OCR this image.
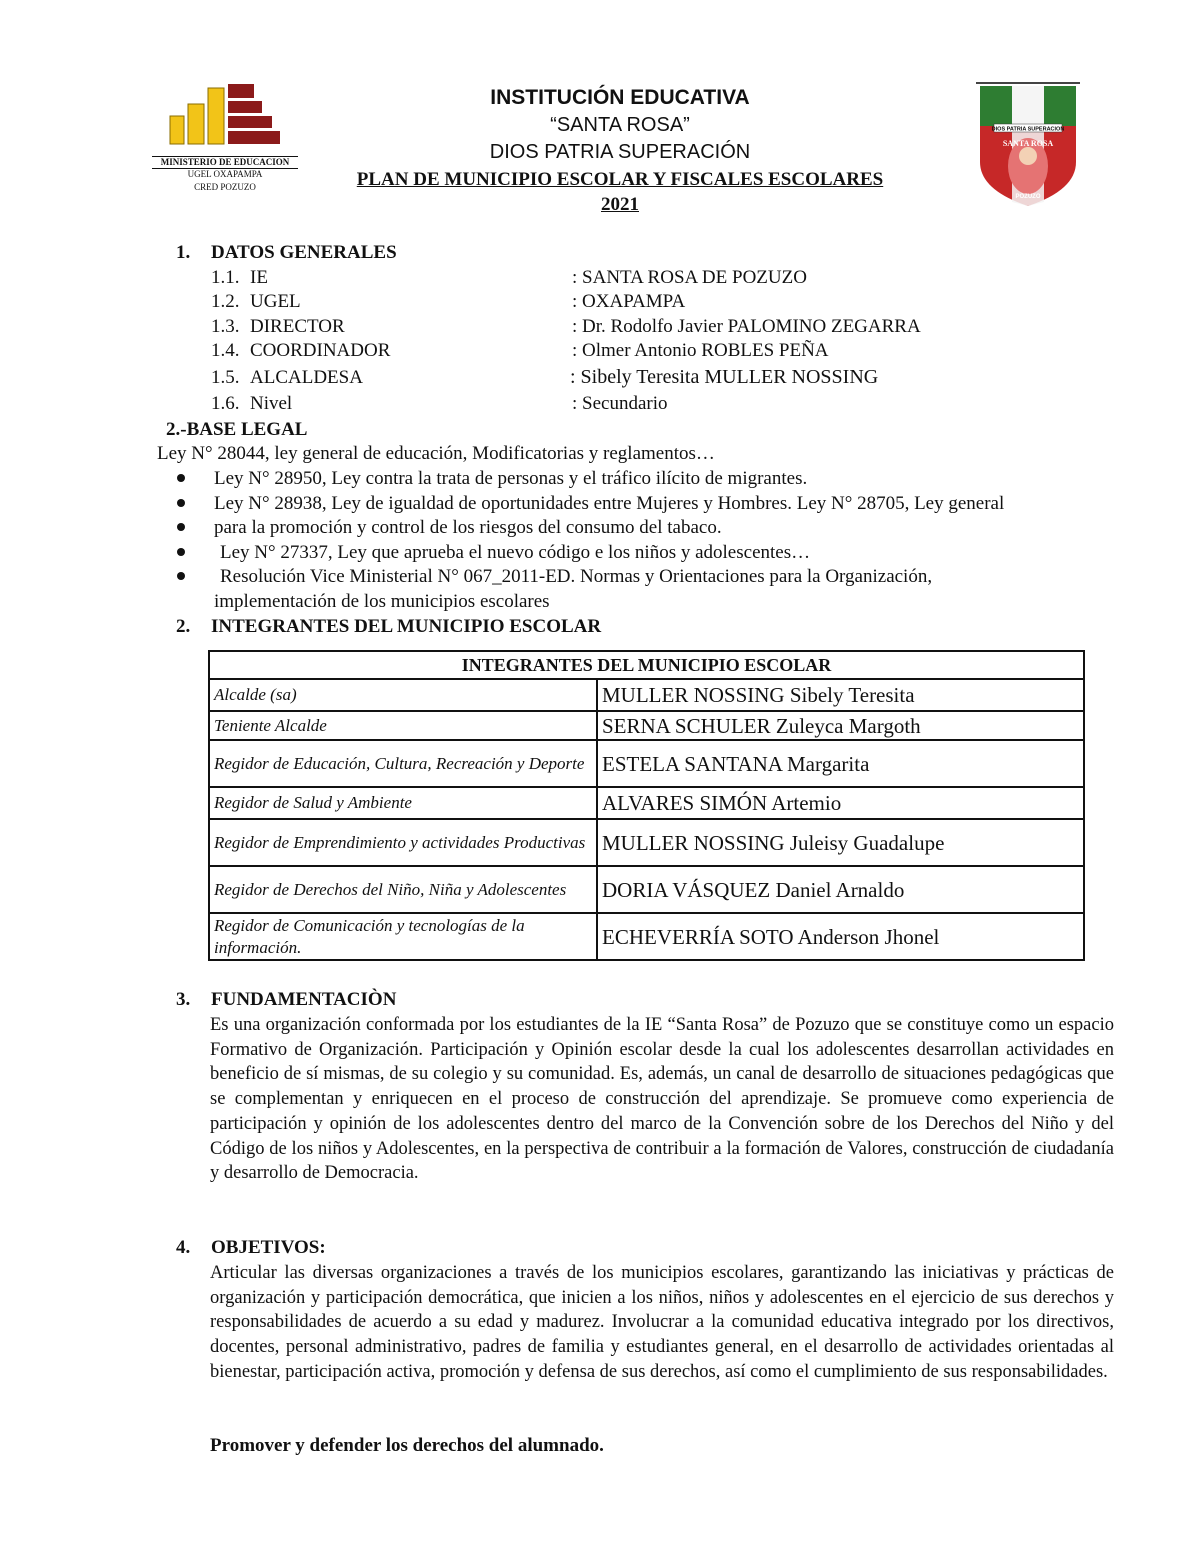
MINISTERIO DE EDUCACION
UGEL OXAPAMPA
CRED POZUZO
DIOS PATRIA SUPERACION
SANTA ROSA
POZUZO
INSTITUCIÓN EDUCATIVA
“SANTA ROSA”
DIOS PATRIA SUPERACIÓN
PLAN DE MUNICIPIO ESCOLAR Y FISCALES ESCOLARES
2021
1. DATOS GENERALES
1.1. IE	: SANTA ROSA DE POZUZO
1.2. UGEL	: OXAPAMPA
1.3. DIRECTOR	: Dr. Rodolfo Javier PALOMINO ZEGARRA
1.4. COORDINADOR	: Olmer Antonio ROBLES PEÑA
1.5. ALCALDESA	: Sibely Teresita MULLER NOSSING
1.6. Nivel	: Secundario
2.-BASE LEGAL
Ley N° 28044, ley general de educación, Modificatorias y reglamentos…
Ley N° 28950, Ley contra la trata de personas y el tráfico ilícito de migrantes.
Ley N° 28938, Ley de igualdad de oportunidades entre Mujeres y Hombres. Ley N° 28705, Ley general
para la promoción y control de los riesgos del consumo del tabaco.
Ley N° 27337, Ley que aprueba el nuevo código e los niños y adolescentes…
Resolución Vice Ministerial N° 067_2011-ED. Normas y Orientaciones para la Organización,
implementación de los municipios escolares
2. INTEGRANTES DEL MUNICIPIO ESCOLAR
INTEGRANTES DEL MUNICIPIO ESCOLAR	
Alcalde (sa)	MULLER NOSSING Sibely Teresita
Teniente Alcalde	SERNA SCHULER Zuleyca Margoth
Regidor de Educación, Cultura, Recreación y Deporte	ESTELA SANTANA Margarita
Regidor de Salud y Ambiente	ALVARES SIMÓN Artemio
Regidor de Emprendimiento y actividades Productivas	MULLER NOSSING Juleisy Guadalupe
Regidor de Derechos del Niño, Niña y Adolescentes	DORIA VÁSQUEZ Daniel Arnaldo
Regidor de Comunicación y tecnologías de la información.	ECHEVERRÍA SOTO Anderson Jhonel
3. FUNDAMENTACIÒN
Es una organización conformada por los estudiantes de la IE “Santa Rosa” de Pozuzo que se constituye como un espacio Formativo de Organización. Participación y Opinión escolar desde la cual los adolescentes desarrollan actividades en beneficio de sí mismas, de su colegio y su comunidad. Es, además, un canal de desarrollo de situaciones pedagógicas que se complementan y enriquecen en el proceso de construcción del aprendizaje. Se promueve como experiencia de participación y opinión de los adolescentes dentro del marco de la Convención sobre de los Derechos del Niño y del Código de los niños y Adolescentes, en la perspectiva de contribuir a la formación de Valores, construcción de ciudadanía y desarrollo de Democracia.
4. OBJETIVOS:
Articular las diversas organizaciones a través de los municipios escolares, garantizando las iniciativas y prácticas de organización y participación democrática, que inicien a los niños, niños y adolescentes en el ejercicio de sus derechos y responsabilidades de acuerdo a su edad y madurez. Involucrar a la comunidad educativa integrado por los directivos, docentes, personal administrativo, padres de familia y estudiantes general, en el desarrollo de actividades orientadas al bienestar, participación activa, promoción y defensa de sus derechos, así como el cumplimiento de sus responsabilidades.
Promover y defender los derechos del alumnado.
